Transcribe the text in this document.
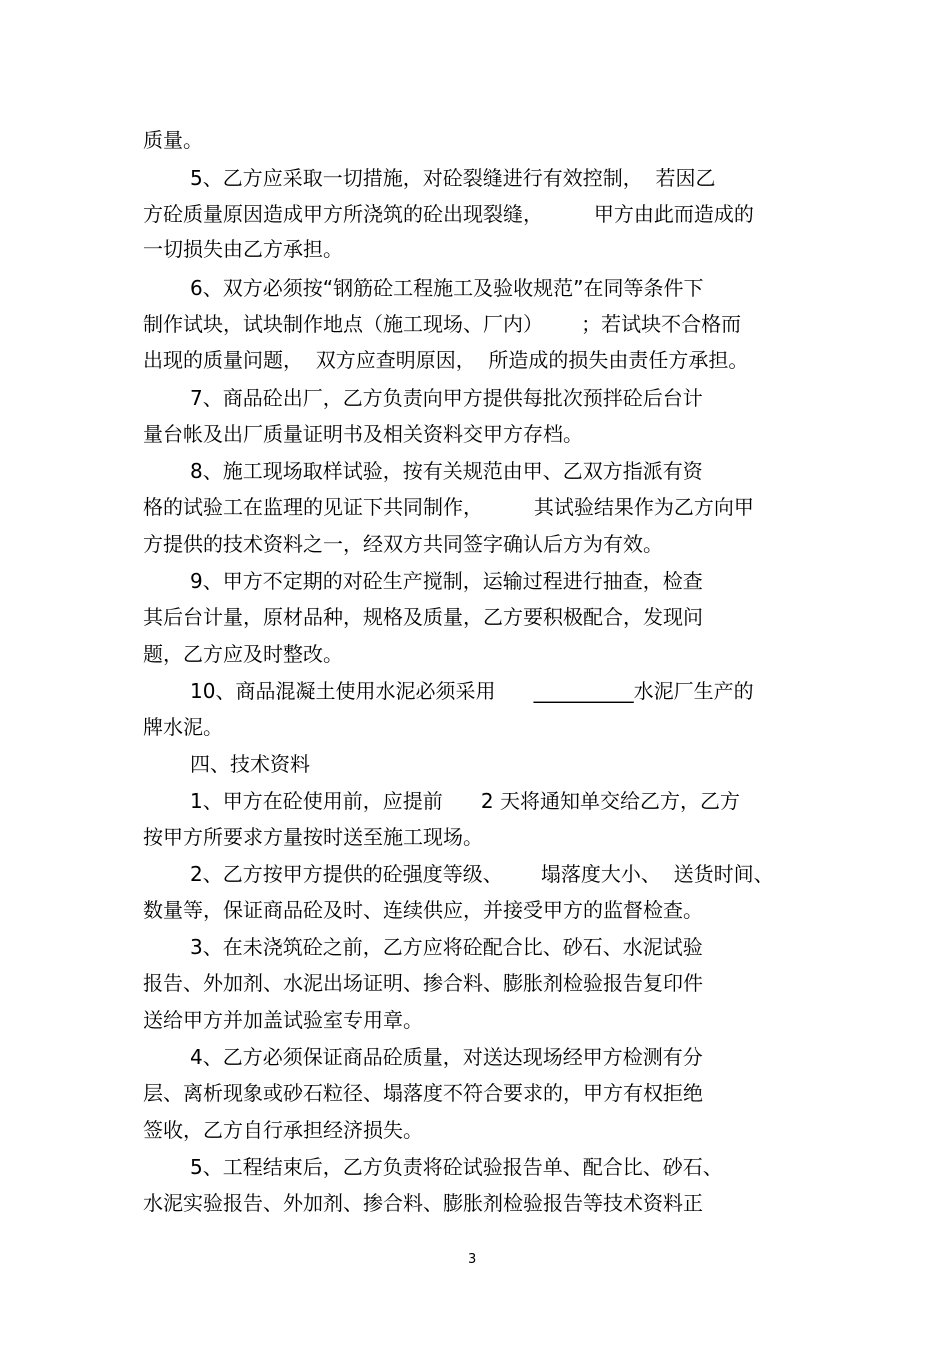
质量。
5、乙方应采取一切措施，对砼裂缝进行有效控制，  若因乙
方砼质量原因造成甲方所浇筑的砼出现裂缝，        甲方由此而造成的
一切损失由乙方承担。
6、双方必须按“钢筋砼工程施工及验收规范”在同等条件下
制作试块，试块制作地点（施工现场、厂内）      ；若试块不合格而
出现的质量问题，  双方应查明原因，  所造成的损失由责任方承担。
7、商品砼出厂，乙方负责向甲方提供每批次预拌砼后台计
量台帐及出厂质量证明书及相关资料交甲方存档。
8、施工现场取样试验，按有关规范由甲、乙双方指派有资
格的试验工在监理的见证下共同制作，        其试验结果作为乙方向甲
方提供的技术资料之一，经双方共同签字确认后方为有效。
9、甲方不定期的对砼生产搅制，运输过程进行抽查，检查
其后台计量，原材品种，规格及质量，乙方要积极配合，发现问
题，乙方应及时整改。
10、商品混凝土使用水泥必须采用      __________水泥厂生产的
牌水泥。
四、技术资料
1、甲方在砼使用前，应提前      2 天将通知单交给乙方，乙方
按甲方所要求方量按时送至施工现场。
2、乙方按甲方提供的砼强度等级、      塌落度大小、  送货时间、
数量等，保证商品砼及时、连续供应，并接受甲方的监督检查。
3、在未浇筑砼之前，乙方应将砼配合比、砂石、水泥试验
报告、外加剂、水泥出场证明、掺合料、膨胀剂检验报告复印件
送给甲方并加盖试验室专用章。
4、乙方必须保证商品砼质量，对送达现场经甲方检测有分
层、离析现象或砂石粒径、塌落度不符合要求的，甲方有权拒绝
签收，乙方自行承担经济损失。
5、工程结束后，乙方负责将砼试验报告单、配合比、砂石、
水泥实验报告、外加剂、掺合料、膨胀剂检验报告等技术资料正
3
